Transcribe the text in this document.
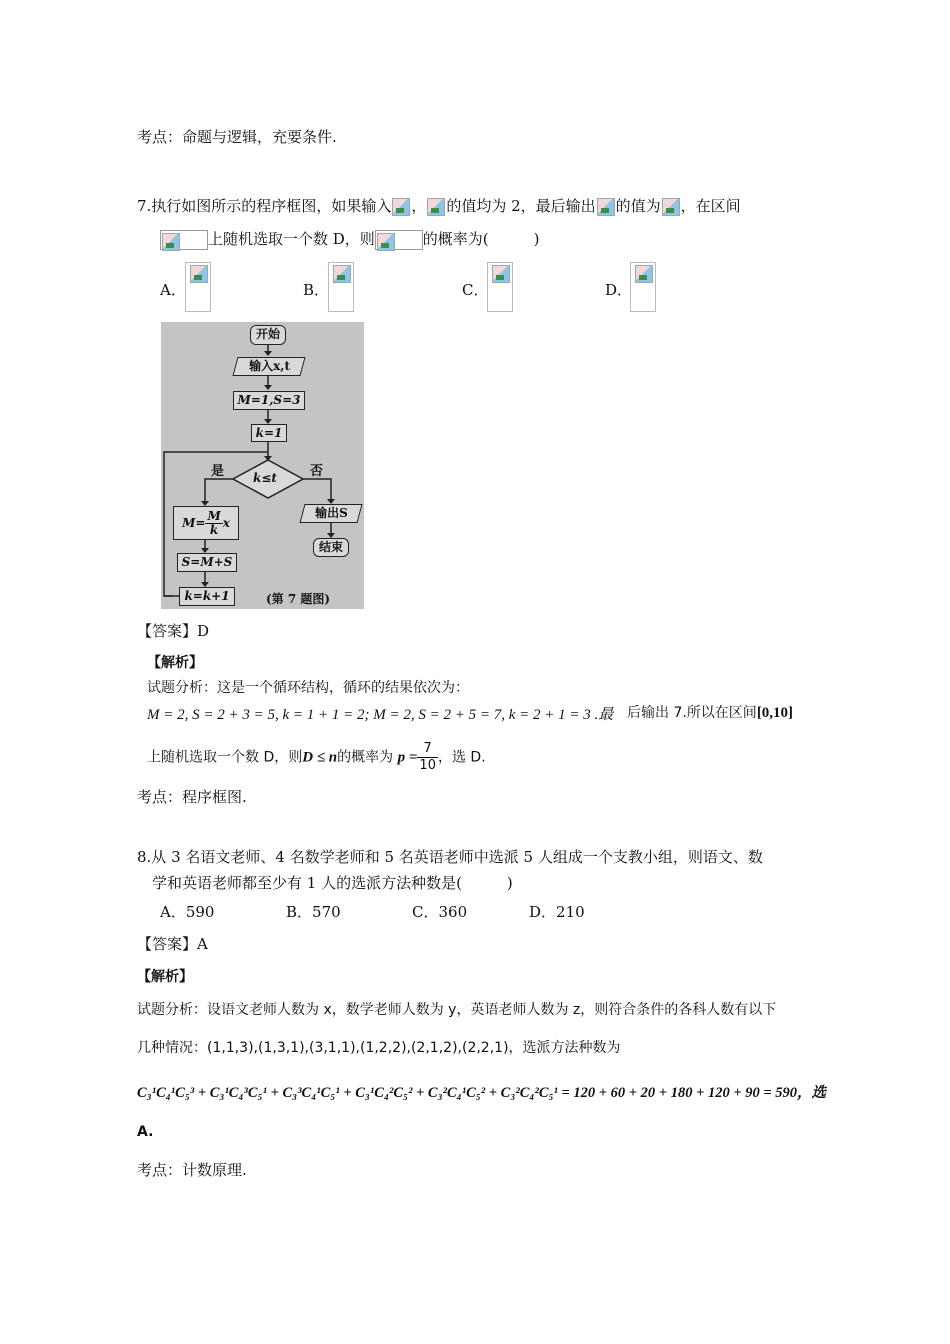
考点：命题与逻辑，充要条件.
7.执行如图所示的程序框图，如果输入 ， 的值均为 2，最后输出 的值为 ，在区间
上随机选取一个数 D，则	的概率为(　　　)
A．	B．	C．	D．
开始
输入x,t
M=1,S=3
k=1
是	否
k≤t
$M= \frac{M}{k}$ x
输出S
结束
S=M+S
k=k+1	(第 7 题图)
【答案】D
【解析】
试题分析：这是一个循环结构，循环的结果依次为：
M = 2, S = 2 + 3 = 5, k = 1 + 1 = 2; M = 2, S = 2 + 5 = 7, k = 2 + 1 = 3 .最 后输出 7.所以在区间[0,10]
上随机选取一个数 D，则D ≤ n的概率为 $p = \frac{7}{10}$ ，选 D.
考点：程序框图.
8.从 3 名语文老师、4 名数学老师和 5 名英语老师中选派 5 人组成一个支教小组，则语文、数
学和英语老师都至少有 1 人的选派方法种数是(　　　)
A．590	B．570	C．360	D．210
【答案】A
【解析】
试题分析：设语文老师人数为 x，数学老师人数为 y，英语老师人数为 z，则符合条件的各科人数有以下
几种情况：(1,1,3),(1,3,1),(3,1,1),(1,2,2),(2,1,2),(2,2,1)，选派方法种数为
C₃¹C₄¹C₅³ + C₃¹C₄³C₅¹ + C₃³C₄¹C₅¹ + C₃¹C₄²C₅² + C₃²C₄¹C₅² + C₃²C₄²C₅¹ = 120 + 60 + 20 + 180 + 120 + 90 = 590，选
A.
考点：计数原理.
